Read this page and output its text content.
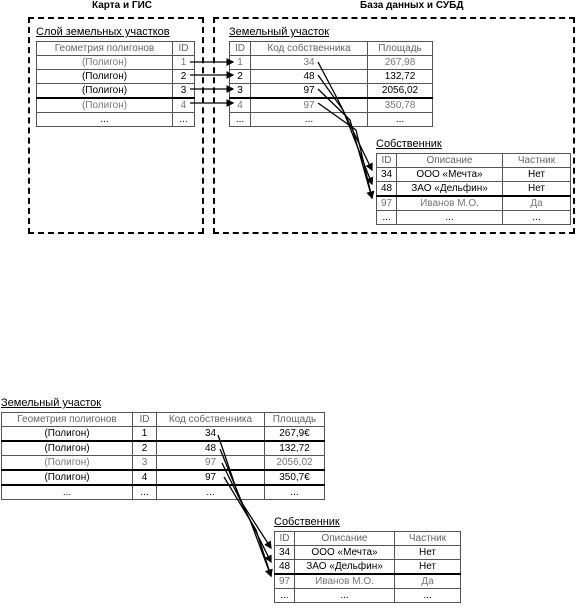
Карта и ГИС	База данных и СУБД
Слой земельных участков
Геометрия полигонов	ID
(Полигон)	1
(Полигон)	2
(Полигон)	3
(Полигон)	4
...	...
Земельный участок
ID	Код собственника	Площадь
1	34	267,98
2	48	132,72
3	97	2056,02
4	97	350,78
...	...	...
Собственник
ID	Описание	Частник
34	ООО «Мечта»	Нет
48	ЗАО «Дельфин»	Нет
97	Иванов М.О.	Да
...	...	...
Земельный участок
Геометрия полигонов	ID	Код собственника	Площадь
(Полигон)	1	34	267,9€
(Полигон)	2	48	132,72
(Полигон)	3	97	2056,02
(Полигон)	4	97	350,7€
...	...	...	...
Собственник
ID	Описание	Частник
34	ООО «Мечта»	Нет
48	ЗАО «Дельфин»	Нет
97	Иванов М.О.	Да
...	...	...
